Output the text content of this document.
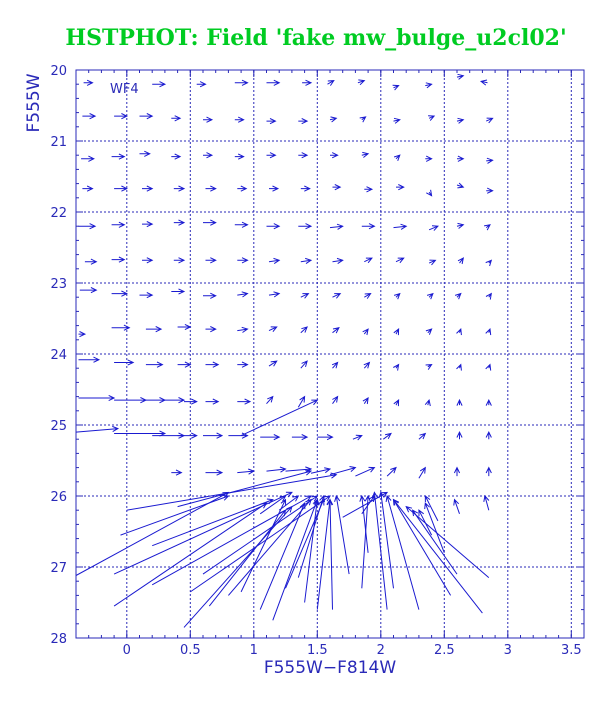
HSTPHOT: Field 'fake mw_bulge_u2cl02'
0	0.5	1	1.5	2	2.5	3	3.5
20
21
22
23
24
25
26
27
28
WF4
F555W−F814W
F555W
